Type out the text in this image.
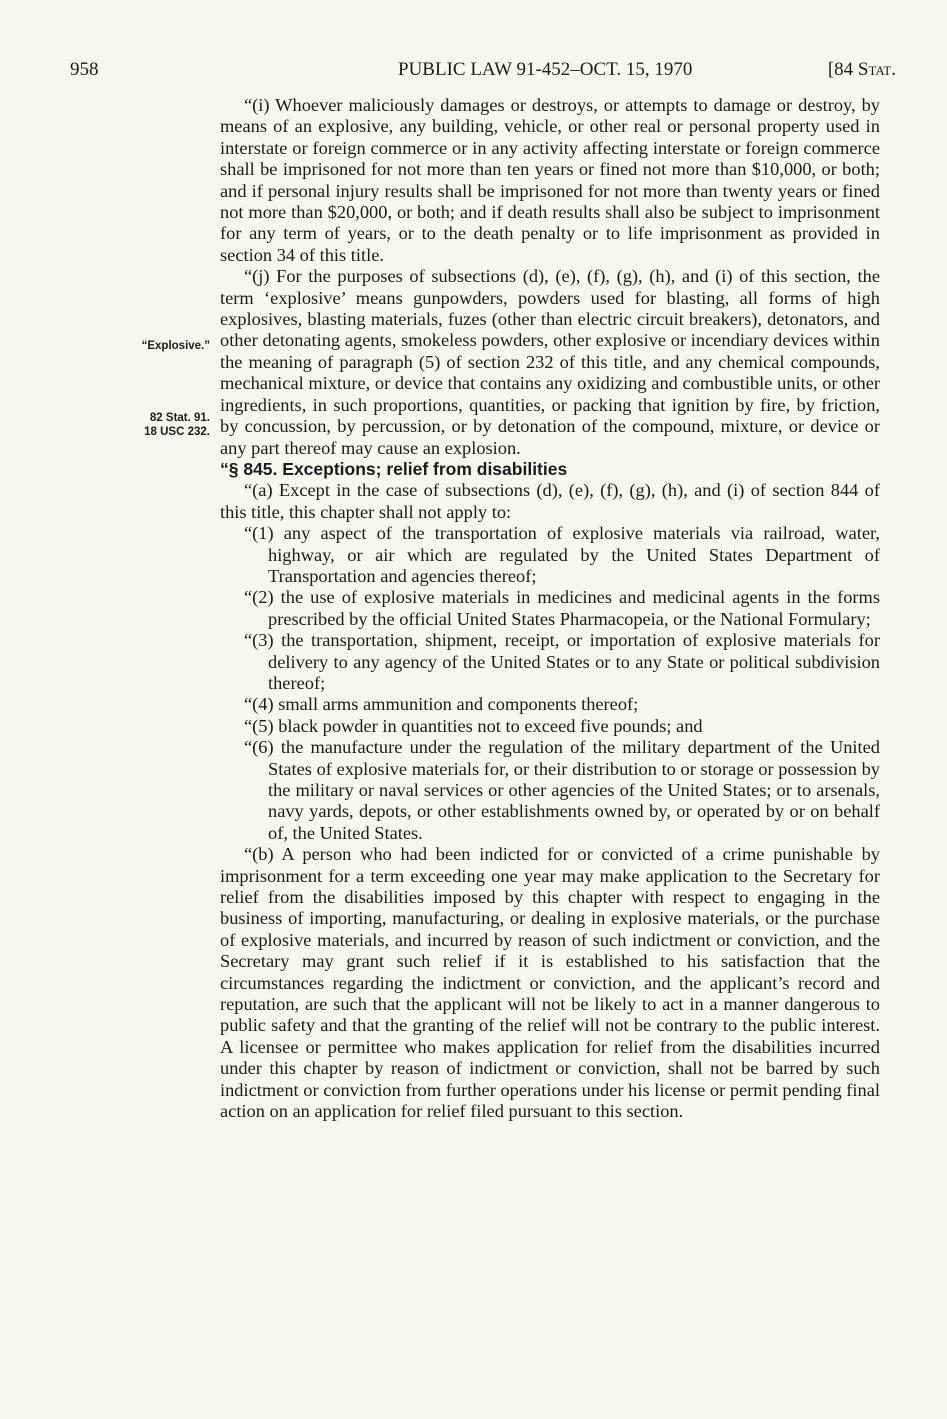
958	PUBLIC LAW 91-452–OCT. 15, 1970	[84 Stat.
“Explosive.”
82 Stat. 91.
18 USC 232.

“(i) Whoever maliciously damages or destroys, or attempts to damage or destroy, by means of an explosive, any building, vehicle, or other real or personal property used in interstate or foreign commerce or in any activity affecting interstate or foreign commerce shall be imprisoned for not more than ten years or fined not more than $10,000, or both; and if personal injury results shall be imprisoned for not more than twenty years or fined not more than $20,000, or both; and if death results shall also be subject to imprisonment for any term of years, or to the death penalty or to life imprisonment as provided in section 34 of this title.

“(j) For the purposes of subsections (d), (e), (f), (g), (h), and (i) of this section, the term ‘explosive’ means gunpowders, powders used for blasting, all forms of high explosives, blasting materials, fuzes (other than electric circuit breakers), detonators, and other detonating agents, smokeless powders, other explosive or incendiary devices within the meaning of paragraph (5) of section 232 of this title, and any chemical compounds, mechanical mixture, or device that contains any oxidizing and combustible units, or other ingredients, in such proportions, quantities, or packing that ignition by fire, by friction, by concussion, by percussion, or by detonation of the compound, mixture, or device or any part thereof may cause an explosion.

“§ 845. Exceptions; relief from disabilities

“(a) Except in the case of subsections (d), (e), (f), (g), (h), and (i) of section 844 of this title, this chapter shall not apply to:

“(1) any aspect of the transportation of explosive materials via railroad, water, highway, or air which are regulated by the United States Department of Transportation and agencies thereof;

“(2) the use of explosive materials in medicines and medicinal agents in the forms prescribed by the official United States Pharmacopeia, or the National Formulary;

“(3) the transportation, shipment, receipt, or importation of explosive materials for delivery to any agency of the United States or to any State or political subdivision thereof;

“(4) small arms ammunition and components thereof;

“(5) black powder in quantities not to exceed five pounds; and

“(6) the manufacture under the regulation of the military department of the United States of explosive materials for, or their distribution to or storage or possession by the military or naval services or other agencies of the United States; or to arsenals, navy yards, depots, or other establishments owned by, or operated by or on behalf of, the United States.

“(b) A person who had been indicted for or convicted of a crime punishable by imprisonment for a term exceeding one year may make application to the Secretary for relief from the disabilities imposed by this chapter with respect to engaging in the business of importing, manufacturing, or dealing in explosive materials, or the purchase of explosive materials, and incurred by reason of such indictment or conviction, and the Secretary may grant such relief if it is established to his satisfaction that the circumstances regarding the indictment or conviction, and the applicant’s record and reputation, are such that the applicant will not be likely to act in a manner dangerous to public safety and that the granting of the relief will not be contrary to the public interest. A licensee or permittee who makes application for relief from the disabilities incurred under this chapter by reason of indictment or conviction, shall not be barred by such indictment or conviction from further operations under his license or permit pending final action on an application for relief filed pursuant to this section.
